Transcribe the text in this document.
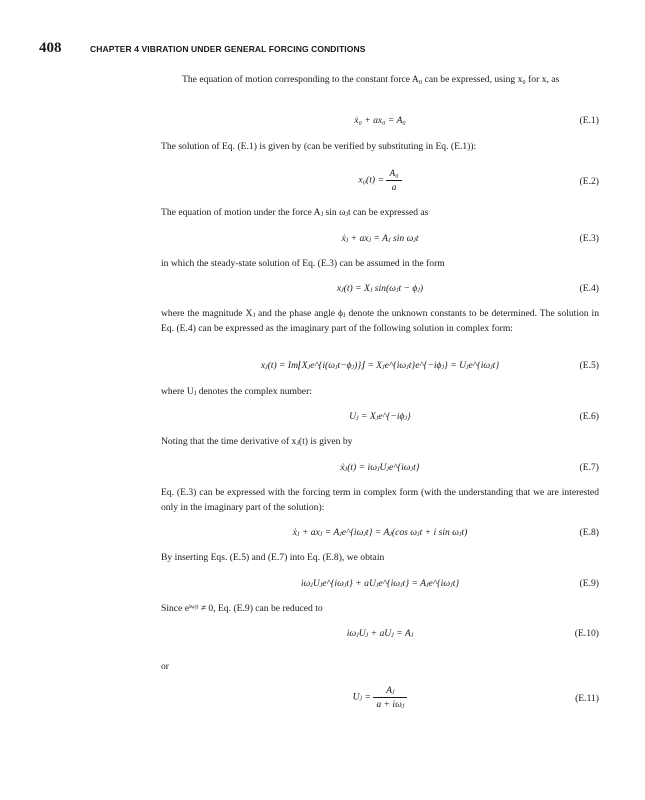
408	CHAPTER 4 VIBRATION UNDER GENERAL FORCING CONDITIONS

The equation of motion corresponding to the constant force A₀ can be expressed, using x₀ for x, as

ẋ₀ + ax₀ = A₀	(E.1)

The solution of Eq. (E.1) is given by (can be verified by substituting in Eq. (E.1)):

$x_0(t) = \frac{\text{A₀}}{a}$	(E.2)

The equation of motion under the force Aⱼ sin ωⱼt can be expressed as

ẋⱼ + axⱼ = Aⱼ sin ωⱼt	(E.3)

in which the steady-state solution of Eq. (E.3) can be assumed in the form

xⱼ(t) = Xⱼ sin(ωⱼt − ϕⱼ)	(E.4)

where the magnitude Xⱼ and the phase angle ϕⱼ denote the unknown constants to be determined. The solution in Eq. (E.4) can be expressed as the imaginary part of the following solution in complex form:

xⱼ(t) = Im⌊Xⱼe^{i(ωⱼt−ϕⱼ)}⌋ = Xⱼe^{iωⱼt}e^{−iϕⱼ} = Uⱼe^{iωⱼt}	(E.5)

where Uⱼ denotes the complex number:

Uⱼ = Xⱼe^{−iϕⱼ}	(E.6)

Noting that the time derivative of xⱼ(t) is given by

ẋⱼ(t) = iωⱼUⱼe^{iωⱼt}	(E.7)

Eq. (E.3) can be expressed with the forcing term in complex form (with the understanding that we are interested only in the imaginary part of the solution):

ẋⱼ + axⱼ = Aⱼe^{iωⱼt} = Aⱼ(cos ωⱼt + i sin ωⱼt)	(E.8)

By inserting Eqs. (E.5) and (E.7) into Eq. (E.8), we obtain

iωⱼUⱼe^{iωⱼt} + aUⱼe^{iωⱼt} = Aⱼe^{iωⱼt}	(E.9)

Since eⁱʷʲᵗ ≠ 0, Eq. (E.9) can be reduced to

iωⱼUⱼ + aUⱼ = Aⱼ	(E.10)

or

Uⱼ = $\frac{\text{Aⱼ}}{\text{a + iωⱼ}}$	(E.11)
